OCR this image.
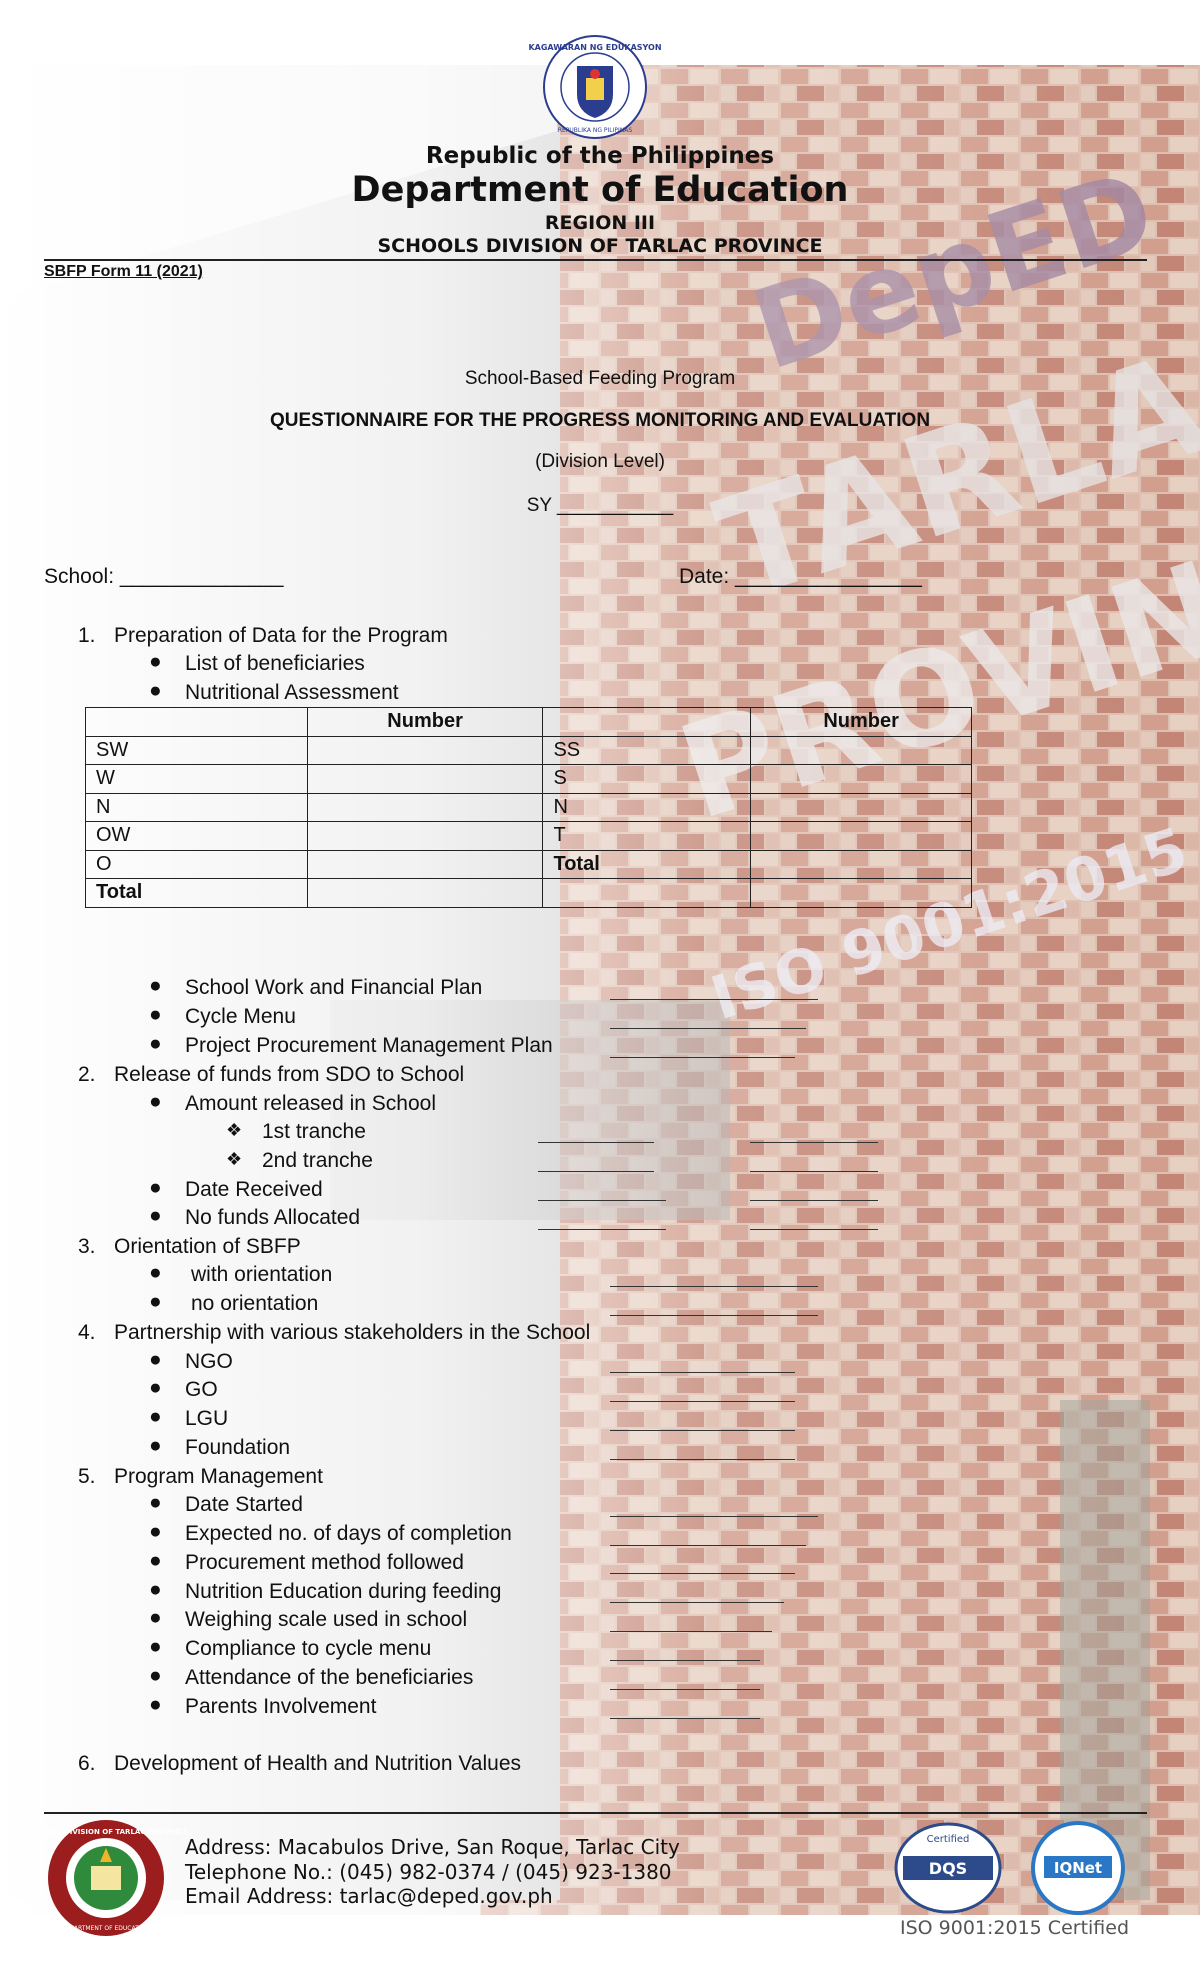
KAGAWARAN NG EDUKASYON
REPUBLIKA NG PILIPINAS
Republic of the Philippines
Department of Education
REGION III
SCHOOLS DIVISION OF TARLAC PROVINCE
SBFP Form 11 (2021)
School-Based Feeding Program
QUESTIONNAIRE FOR THE PROGRESS MONITORING AND EVALUATION
(Division Level)
SY ___________
School: ______________	Date: ________________
1. Preparation of Data for the Program
● List of beneficiaries
● Nutritional Assessment
	Number		Number
SW		SS	
W		S	
N		N	
OW		T	
O		Total	
Total			
● School Work and Financial Plan
● Cycle Menu
● Project Procurement Management Plan
2. Release of funds from SDO to School
● Amount released in School
❖ 1st tranche
❖ 2nd tranche
● Date Received
● No funds Allocated
3. Orientation of SBFP
● with orientation
● no orientation
4. Partnership with various stakeholders in the School
● NGO
● GO
● LGU
● Foundation
5. Program Management
● Date Started
● Expected no. of days of completion
● Procurement method followed
● Nutrition Education during feeding
● Weighing scale used in school
● Compliance to cycle menu
● Attendance of the beneficiaries
● Parents Involvement
6. Development of Health and Nutrition Values
SCHOOLS DIVISION OF TARLAC PROVINCE
DEPARTMENT OF EDUCATION
Address: Macabulos Drive, San Roque, Tarlac City
Telephone No.: (045) 982-0374 / (045) 923-1380
Email Address: tarlac@deped.gov.ph
DQS
Certified
IQNet
ISO 9001:2015 Certified
